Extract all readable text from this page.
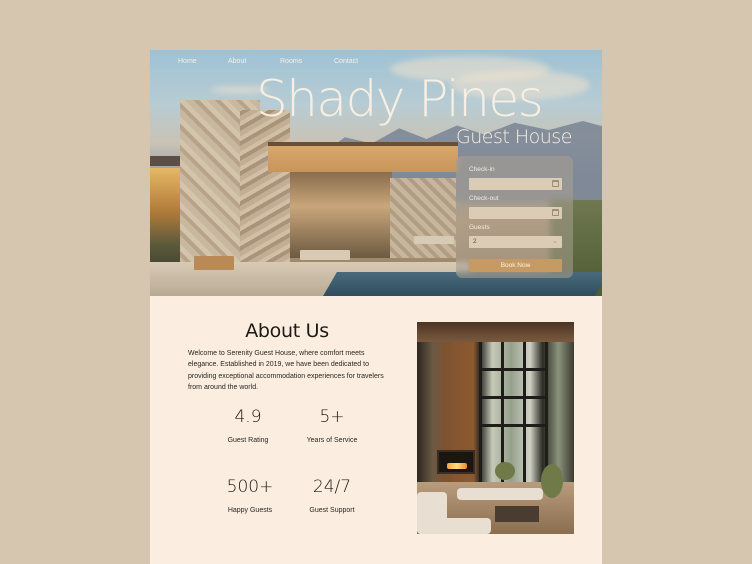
Home	About	Rooms	Contact
Shady Pines
Guest House
Check-in
Check-out
Guests
2	⌄
Book Now
About Us

Welcome to Serenity Guest House, where comfort meets elegance. Established in 2019, we have been dedicated to providing exceptional accommodation experiences for travelers from around the world.

4.9
Guest Rating
5+
Years of Service
500+
Happy Guests
24/7
Guest Support
